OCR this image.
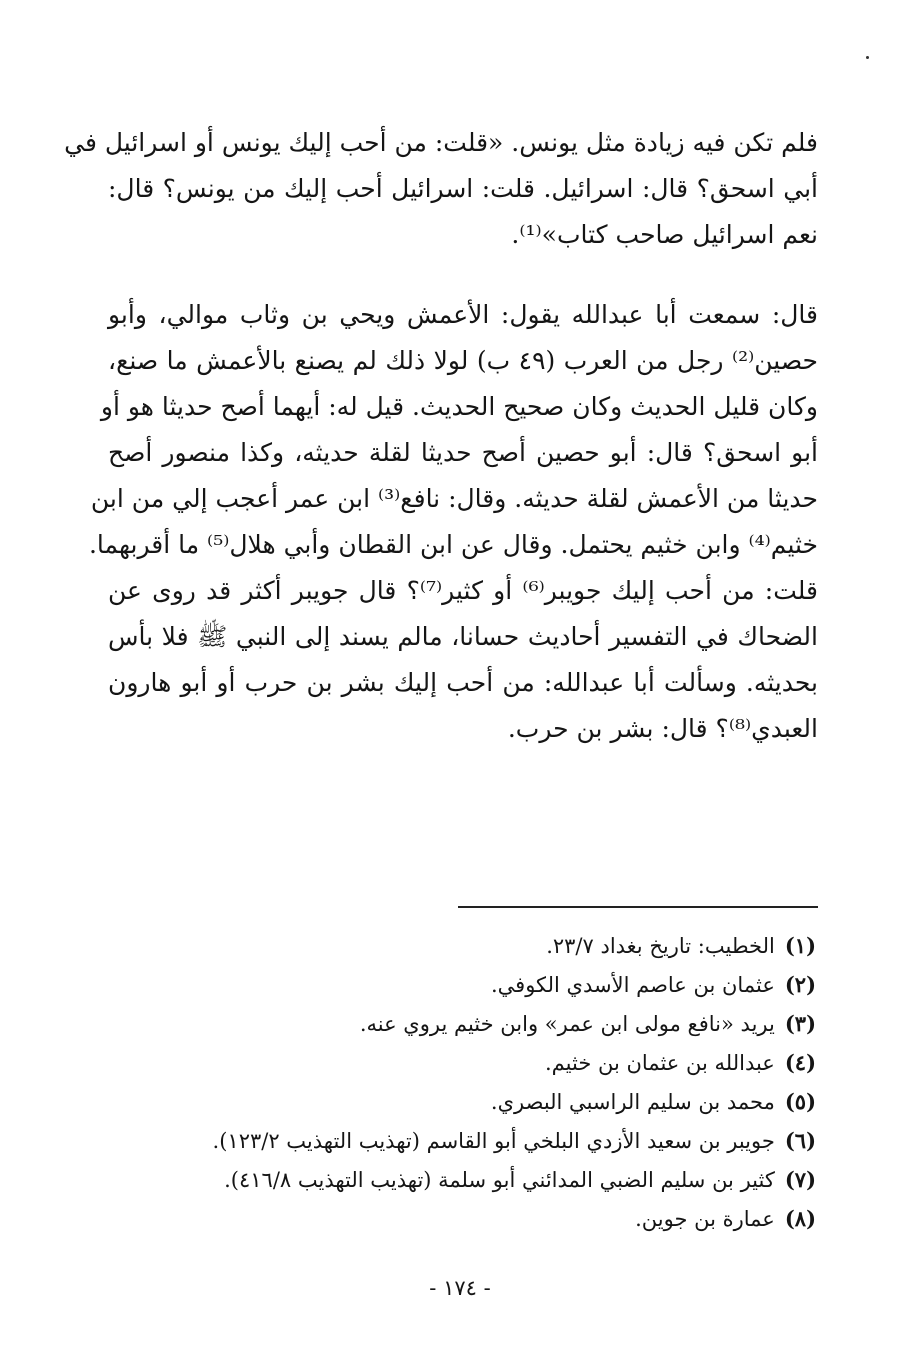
فلم تكن فيه زيادة مثل يونس. «قلت: من أحب إليك يونس أو اسرائيل في
أبي اسحق؟ قال: اسرائيل. قلت: اسرائيل أحب إليك من يونس؟ قال:
نعم اسرائيل صاحب كتاب»⁽¹⁾.
قال: سمعت أبا عبدالله يقول: الأعمش ويحي بن وثاب موالي، وأبو
حصين⁽²⁾ رجل من العرب (٤٩ ب) لولا ذلك لم يصنع بالأعمش ما صنع،
وكان قليل الحديث وكان صحيح الحديث. قيل له: أيهما أصح حديثا هو أو
أبو اسحق؟ قال: أبو حصين أصح حديثا لقلة حديثه، وكذا منصور أصح
حديثا من الأعمش لقلة حديثه. وقال: نافع⁽³⁾ ابن عمر أعجب إلي من ابن
خثيم⁽⁴⁾ وابن خثيم يحتمل. وقال عن ابن القطان وأبي هلال⁽⁵⁾ ما أقربهما.
قلت: من أحب إليك جويبر⁽⁶⁾ أو كثير⁽⁷⁾؟ قال جويبر أكثر قد روى عن
الضحاك في التفسير أحاديث حسانا، مالم يسند إلى النبي ﷺ فلا بأس
بحديثه. وسألت أبا عبدالله: من أحب إليك بشر بن حرب أو أبو هارون
العبدي⁽⁸⁾؟ قال: بشر بن حرب.
(١)الخطيب: تاريخ بغداد ٢٣/٧.
(٢)عثمان بن عاصم الأسدي الكوفي.
(٣)يريد «نافع مولى ابن عمر» وابن خثيم يروي عنه.
(٤)عبدالله بن عثمان بن خثيم.
(٥)محمد بن سليم الراسبي البصري.
(٦)جويبر بن سعيد الأزدي البلخي أبو القاسم (تهذيب التهذيب ١٢٣/٢).
(٧)كثير بن سليم الضبي المدائني أبو سلمة (تهذيب التهذيب ٤١٦/٨).
(٨)عمارة بن جوين.
- ١٧٤ -
